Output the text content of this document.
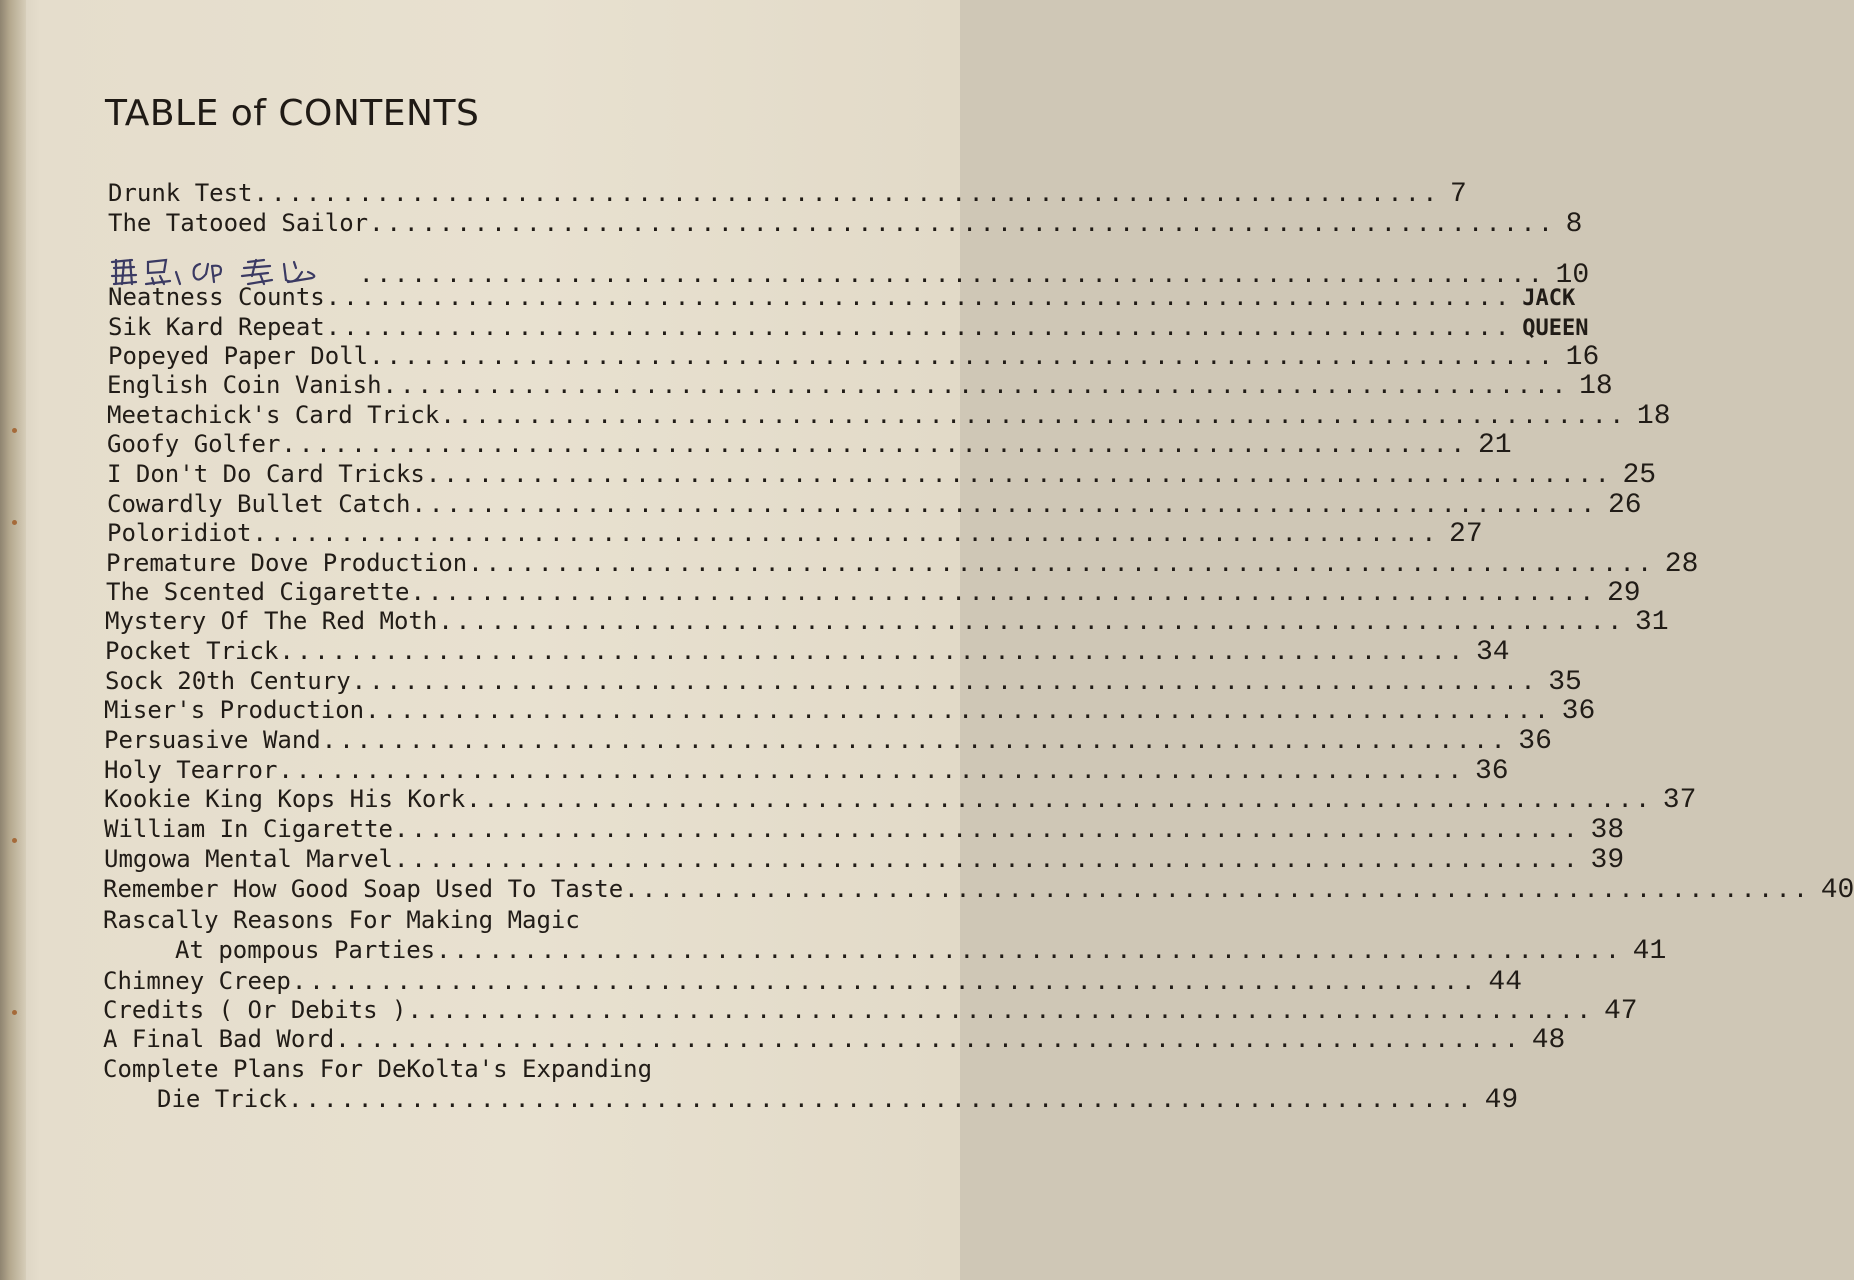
TABLE of CONTENTS
Drunk Test .................................................................... 7
The Tatooed Sailor .................................................................... 8
.................................................................... 10
Neatness Counts .................................................................... JACK
Sik Kard Repeat .................................................................... QUEEN
Popeyed Paper Doll .................................................................... 16
English Coin Vanish .................................................................... 18
Meetachick's Card Trick .................................................................... 18
Goofy Golfer .................................................................... 21
I Don't Do Card Tricks .................................................................... 25
Cowardly Bullet Catch .................................................................... 26
Poloridiot .................................................................... 27
Premature Dove Production .................................................................... 28
The Scented Cigarette .................................................................... 29
Mystery Of The Red Moth .................................................................... 31
Pocket Trick .................................................................... 34
Sock 20th Century .................................................................... 35
Miser's Production .................................................................... 36
Persuasive Wand .................................................................... 36
Holy Tearror .................................................................... 36
Kookie King Kops His Kork .................................................................... 37
William In Cigarette .................................................................... 38
Umgowa Mental Marvel .................................................................... 39
Remember How Good Soap Used To Taste .................................................................... 40
Rascally Reasons For Making Magic
At pompous Parties .................................................................... 41
Chimney Creep .................................................................... 44
Credits ( Or Debits ) .................................................................... 47
A Final Bad Word .................................................................... 48
Complete Plans For DeKolta's Expanding
Die Trick .................................................................... 49
